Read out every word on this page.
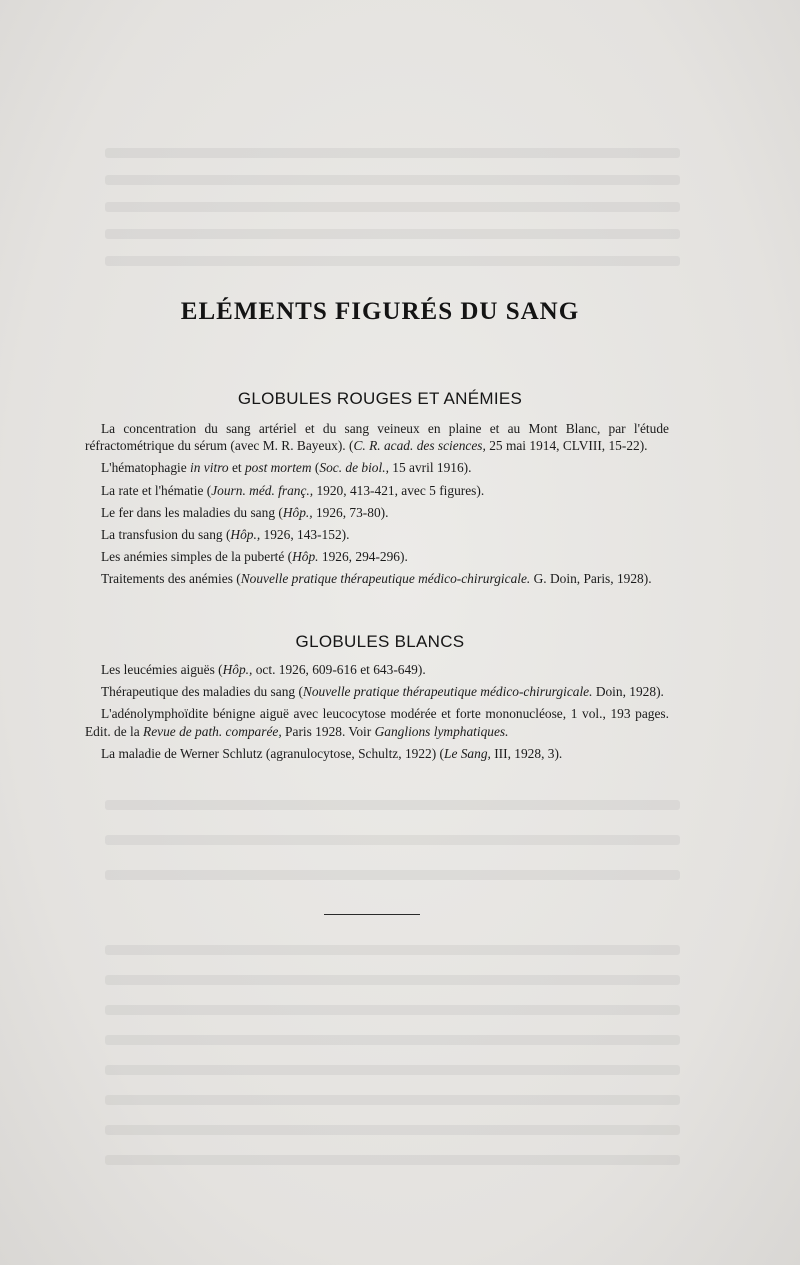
ELÉMENTS FIGURÉS DU SANG
GLOBULES ROUGES ET ANÉMIES
La concentration du sang artériel et du sang veineux en plaine et au Mont Blanc, par l'étude réfractométrique du sérum (avec M. R. Bayeux). (C. R. acad. des sciences, 25 mai 1914, CLVIII, 15-22).
L'hématophagie in vitro et post mortem (Soc. de biol., 15 avril 1916).
La rate et l'hématie (Journ. méd. franç., 1920, 413-421, avec 5 figures).
Le fer dans les maladies du sang (Hôp., 1926, 73-80).
La transfusion du sang (Hôp., 1926, 143-152).
Les anémies simples de la puberté (Hôp. 1926, 294-296).
Traitements des anémies (Nouvelle pratique thérapeutique médico-chirurgicale. G. Doin, Paris, 1928).
GLOBULES BLANCS
Les leucémies aiguës (Hôp., oct. 1926, 609-616 et 643-649).
Thérapeutique des maladies du sang (Nouvelle pratique thérapeutique médico-chirurgicale. Doin, 1928).
L'adénolymphoïdite bénigne aiguë avec leucocytose modérée et forte mononucléose, 1 vol., 193 pages. Edit. de la Revue de path. comparée, Paris 1928. Voir Ganglions lymphatiques.
La maladie de Werner Schlutz (agranulocytose, Schultz, 1922) (Le Sang, III, 1928, 3).
